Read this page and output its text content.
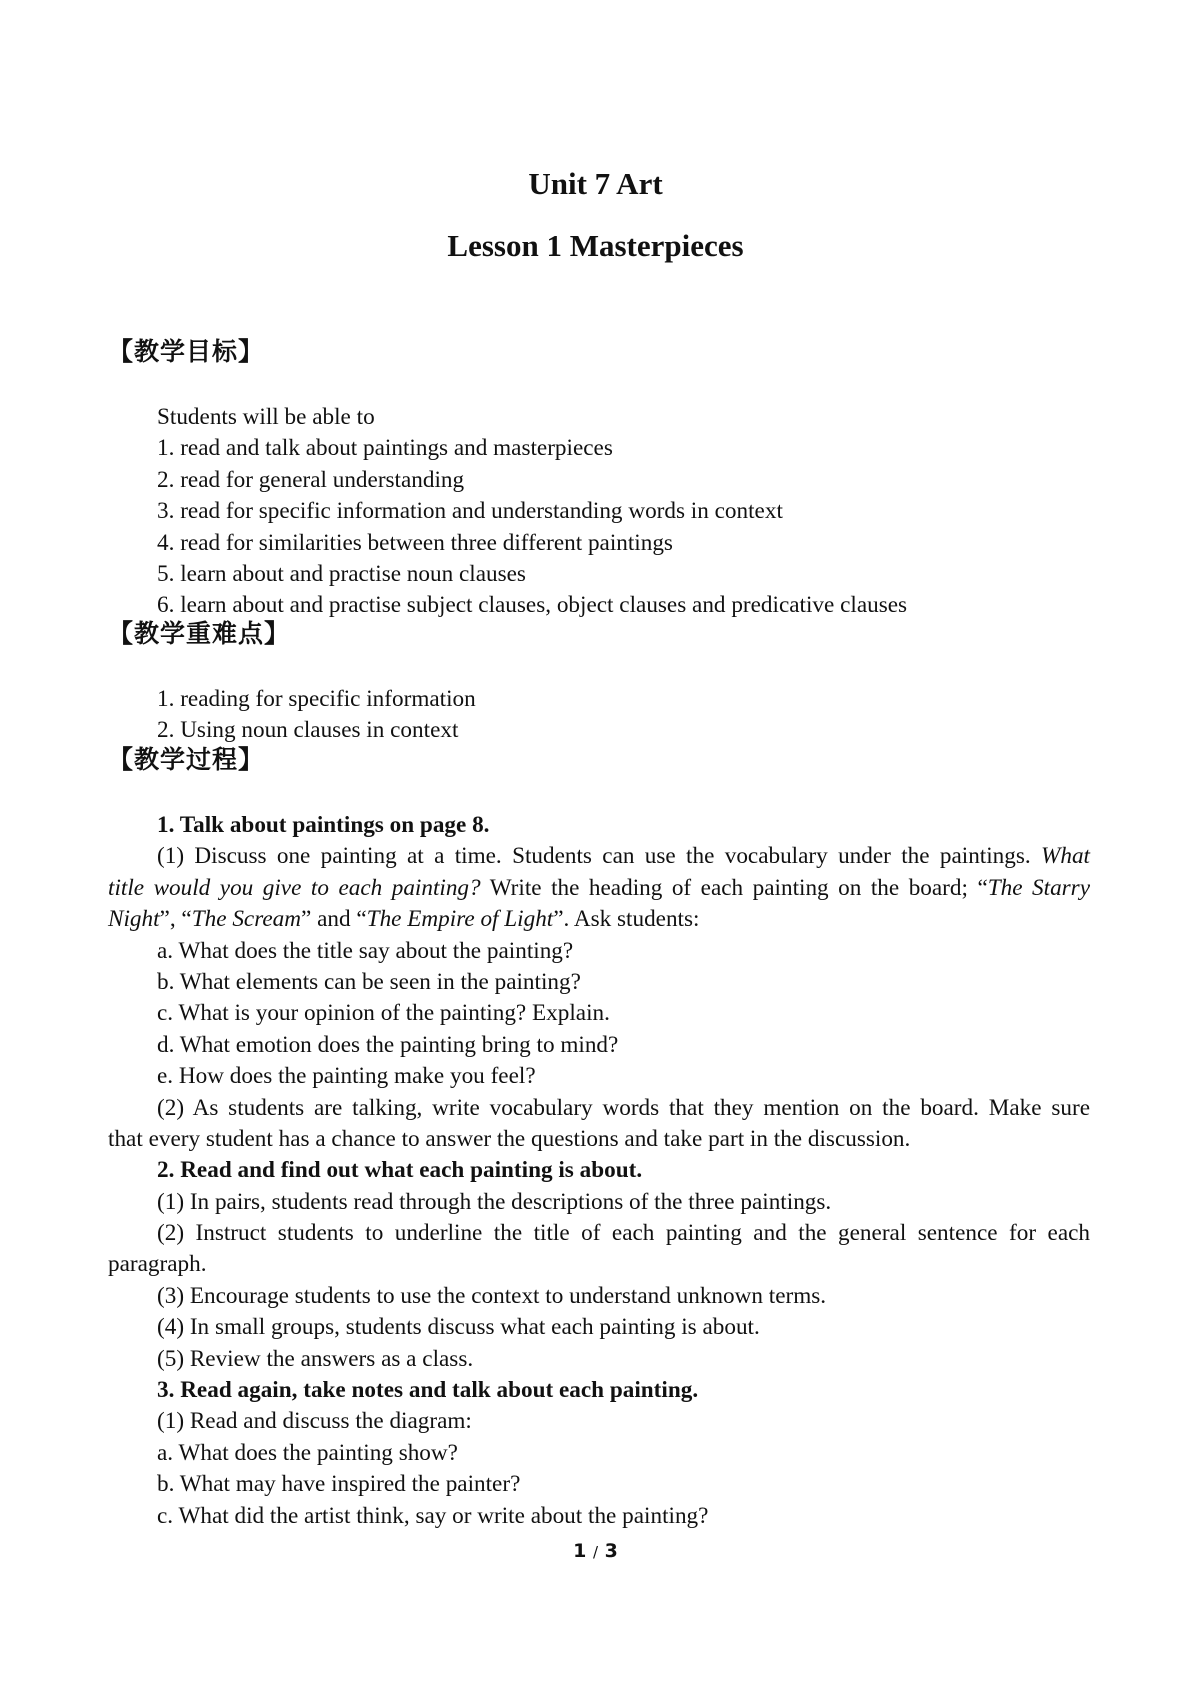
Unit 7 Art
Lesson 1 Masterpieces
【教学目标】
Students will be able to
1. read and talk about paintings and masterpieces
2. read for general understanding
3. read for specific information and understanding words in context
4. read for similarities between three different paintings
5. learn about and practise noun clauses
6. learn about and practise subject clauses, object clauses and predicative clauses
【教学重难点】
1. reading for specific information
2. Using noun clauses in context
【教学过程】
1. Talk about paintings on page 8.
(1) Discuss one painting at a time. Students can use the vocabulary under the paintings. What
title would you give to each painting? Write the heading of each painting on the board; “The Starry
Night”, “The Scream” and “The Empire of Light”. Ask students:
a. What does the title say about the painting?
b. What elements can be seen in the painting?
c. What is your opinion of the painting? Explain.
d. What emotion does the painting bring to mind?
e. How does the painting make you feel?
(2) As students are talking, write vocabulary words that they mention on the board. Make sure
that every student has a chance to answer the questions and take part in the discussion.
2. Read and find out what each painting is about.
(1) In pairs, students read through the descriptions of the three paintings.
(2) Instruct students to underline the title of each painting and the general sentence for each
paragraph.
(3) Encourage students to use the context to understand unknown terms.
(4) In small groups, students discuss what each painting is about.
(5) Review the answers as a class.
3. Read again, take notes and talk about each painting.
(1) Read and discuss the diagram:
a. What does the painting show?
b. What may have inspired the painter?
c. What did the artist think, say or write about the painting?
1 / 3
